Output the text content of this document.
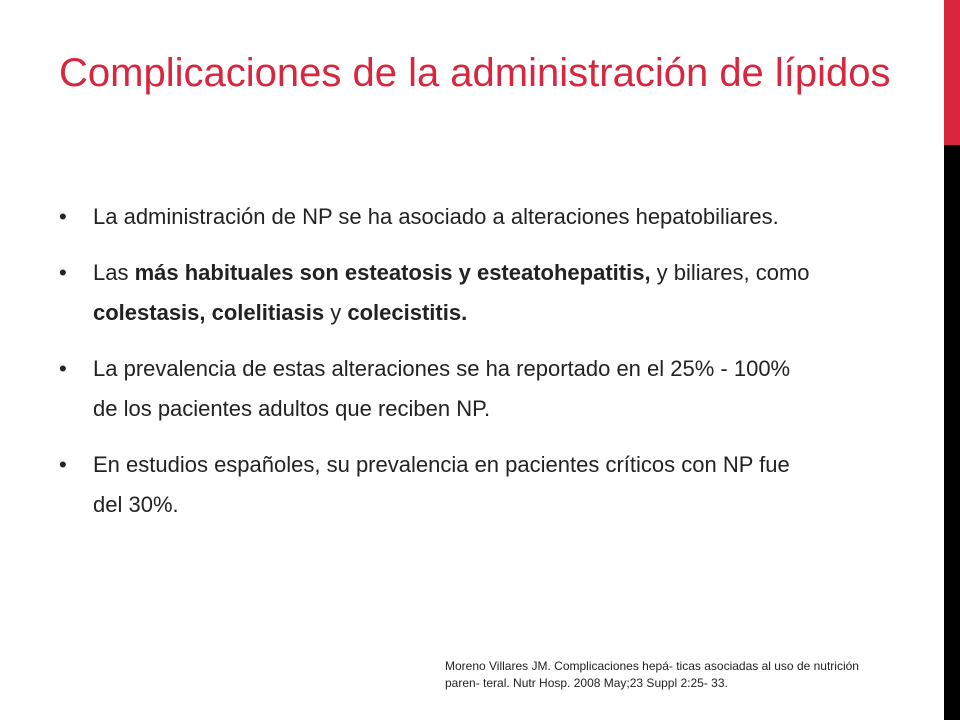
Complicaciones de la administración de lípidos
•	La administración de NP se ha asociado a alteraciones hepatobiliares.
•	Las más habituales son esteatosis y esteatohepatitis, y biliares, como colestasis, colelitiasis y colecistitis.
•	La prevalencia de estas alteraciones se ha reportado en el 25% - 100% de los pacientes adultos que reciben NP.
•	En estudios españoles, su prevalencia en pacientes críticos con NP fue del 30%.

Moreno Villares JM. Complicaciones hepá- ticas asociadas al uso de nutrición paren- teral. Nutr Hosp. 2008 May;23 Suppl 2:25- 33.
